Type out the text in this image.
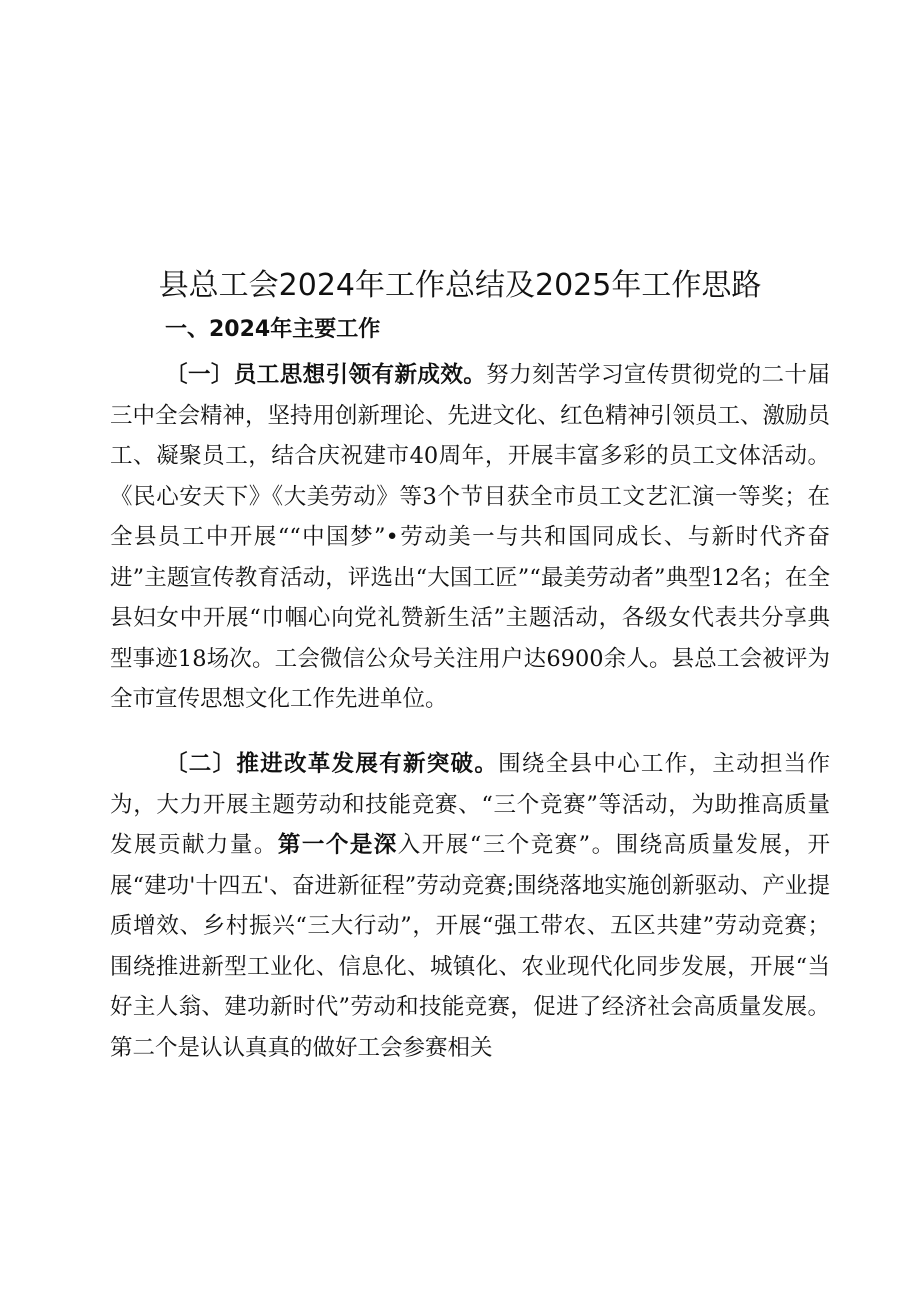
县总工会2024年工作总结及2025年工作思路
一、2024年主要工作

〔一〕员工思想引领有新成效。努力刻苦学习宣传贯彻党的二十届三中全会精神，坚持用创新理论、先进文化、红色精神引领员工、激励员工、凝聚员工，结合庆祝建市40周年，开展丰富多彩的员工文体活动。《民心安天下》《大美劳动》等3个节目获全市员工文艺汇演一等奖；在全县员工中开展““中国梦”•劳动美一与共和国同成长、与新时代齐奋进”主题宣传教育活动，评选出“大国工匠”“最美劳动者”典型12名；在全县妇女中开展“巾帼心向党礼赞新生活”主题活动，各级女代表共分享典型事迹18场次。工会微信公众号关注用户达6900余人。县总工会被评为全市宣传思想文化工作先进单位。

〔二〕推进改革发展有新突破。围绕全县中心工作，主动担当作为，大力开展主题劳动和技能竞赛、“三个竞赛”等活动，为助推高质量发展贡献力量。第一个是深入开展“三个竞赛”。围绕高质量发展，开展“建功'十四五'、奋进新征程”劳动竞赛;围绕落地实施创新驱动、产业提质增效、乡村振兴“三大行动”，开展“强工带农、五区共建”劳动竞赛；围绕推进新型工业化、信息化、城镇化、农业现代化同步发展，开展“当好主人翁、建功新时代”劳动和技能竞赛，促进了经济社会高质量发展。第二个是认认真真的做好工会参赛相关
